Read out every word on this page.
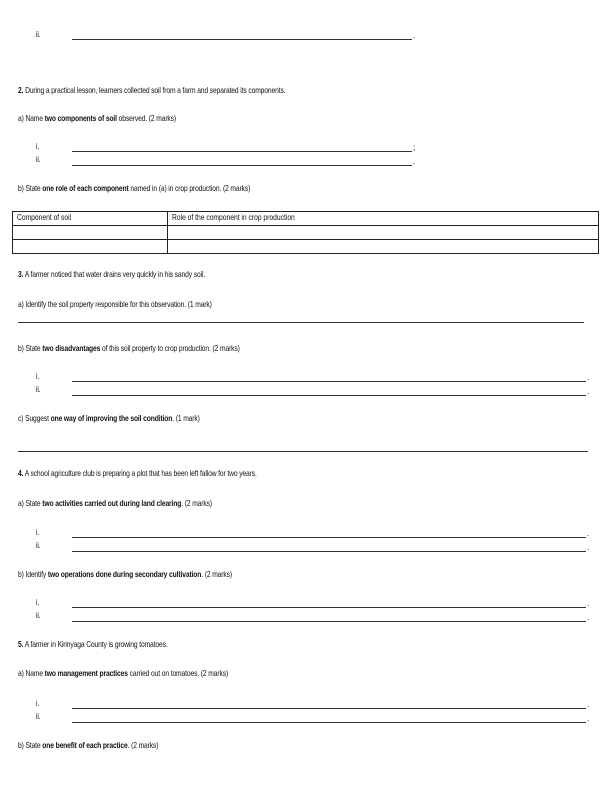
ii.	.
2. During a practical lesson, learners collected soil from a farm and separated its components.
a) Name two components of soil observed. (2 marks)
i.	;
ii.	.
b) State one role of each component named in (a) in crop production. (2 marks)
Component of soil	Role of the component in crop production

3. A farmer noticed that water drains very quickly in his sandy soil.
a) Identify the soil property responsible for this observation. (1 mark)
b) State two disadvantages of this soil property to crop production. (2 marks)
i.	.
ii.	.
c) Suggest one way of improving the soil condition. (1 mark)
4. A school agriculture club is preparing a plot that has been left fallow for two years.
a) State two activities carried out during land clearing. (2 marks)
i.	.
ii.	.
b) Identify two operations done during secondary cultivation. (2 marks)
i.	.
ii.	.
5. A farmer in Kirinyaga County is growing tomatoes.
a) Name two management practices carried out on tomatoes. (2 marks)
i.	.
ii.	.
b) State one benefit of each practice. (2 marks)
